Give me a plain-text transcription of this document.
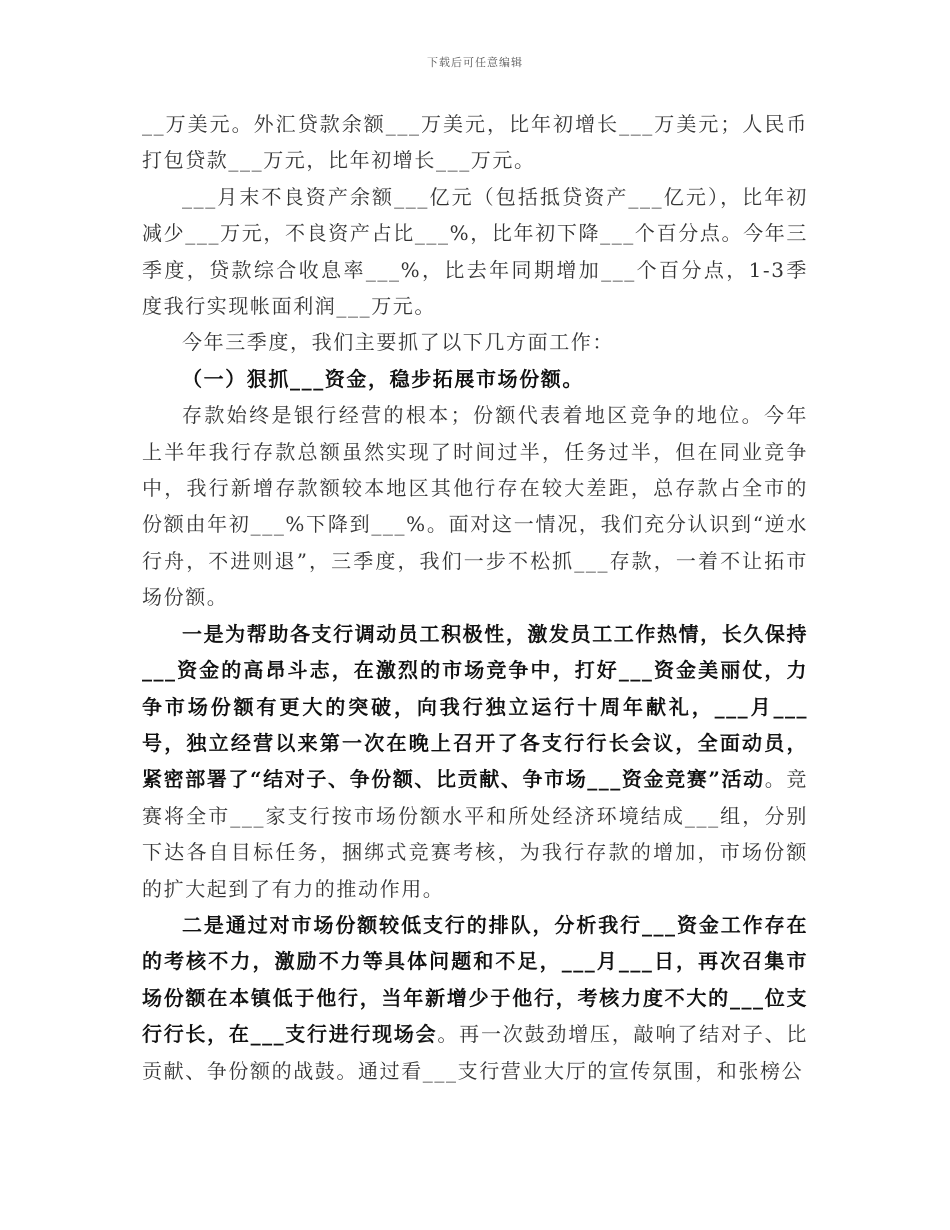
下载后可任意编辑

__万美元。外汇贷款余额___万美元，比年初增长___万美元；人民币打包贷款___万元，比年初增长___万元。

___月末不良资产余额___亿元（包括抵贷资产___亿元），比年初减少___万元，不良资产占比___%，比年初下降___个百分点。今年三季度，贷款综合收息率___%，比去年同期增加___个百分点，1-3季度我行实现帐面利润___万元。

今年三季度，我们主要抓了以下几方面工作：

（一）狠抓___资金，稳步拓展市场份额。

存款始终是银行经营的根本；份额代表着地区竞争的地位。今年上半年我行存款总额虽然实现了时间过半，任务过半，但在同业竞争中，我行新增存款额较本地区其他行存在较大差距，总存款占全市的份额由年初___%下降到___%。面对这一情况，我们充分认识到“逆水行舟，不进则退”，三季度，我们一步不松抓___存款，一着不让拓市场份额。

一是为帮助各支行调动员工积极性，激发员工工作热情，长久保持___资金的高昂斗志，在激烈的市场竞争中，打好___资金美丽仗，力争市场份额有更大的突破，向我行独立运行十周年献礼，___月___号，独立经营以来第一次在晚上召开了各支行行长会议，全面动员，紧密部署了“结对子、争份额、比贡献、争市场___资金竞赛”活动。竞赛将全市___家支行按市场份额水平和所处经济环境结成___组，分别下达各自目标任务，捆绑式竞赛考核，为我行存款的增加，市场份额的扩大起到了有力的推动作用。

二是通过对市场份额较低支行的排队，分析我行___资金工作存在的考核不力，激励不力等具体问题和不足，___月___日，再次召集市场份额在本镇低于他行，当年新增少于他行，考核力度不大的___位支行行长，在___支行进行现场会。再一次鼓劲增压，敲响了结对子、比贡献、争份额的战鼓。通过看___支行营业大厅的宣传氛围，和张榜公
